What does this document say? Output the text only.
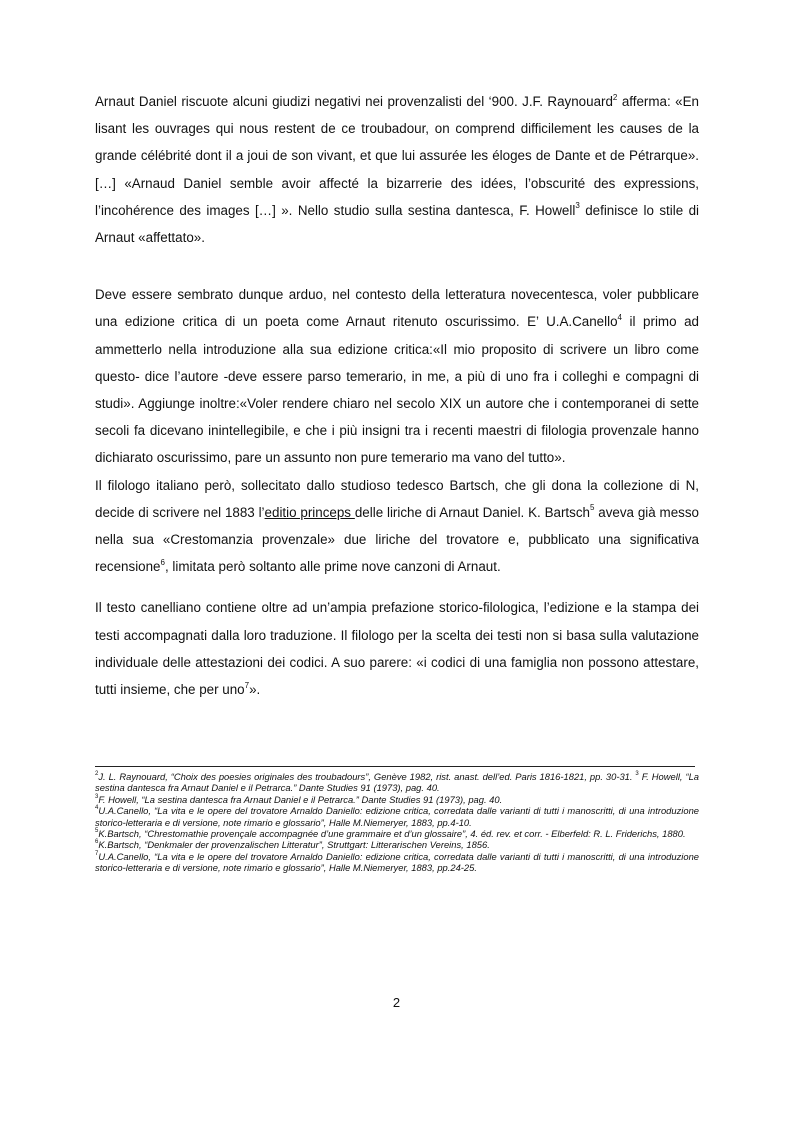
Arnaut Daniel riscuote alcuni giudizi negativi nei provenzalisti del ‘900. J.F. Raynouard$^2$ afferma: «En lisant les ouvrages qui nous restent de ce troubadour, on comprend difficilement les causes de la grande célébrité dont il a joui de son vivant, et que lui assurée les éloges de Dante et de Pétrarque». […] «Arnaud Daniel semble avoir affecté la bizarrerie des idées, l’obscurité des expressions, l’incohérence des images […] ». Nello studio sulla sestina dantesca, F. Howell$^3$ definisce lo stile di Arnaut «affettato».

Deve essere sembrato dunque arduo, nel contesto della letteratura novecentesca, voler pubblicare una edizione critica di un poeta come Arnaut ritenuto oscurissimo. E’ U.A.Canello$^4$ il primo ad ammetterlo nella introduzione alla sua edizione critica:«Il mio proposito di scrivere un libro come questo- dice l’autore -deve essere parso temerario, in me, a più di uno fra i colleghi e compagni di studi». Aggiunge inoltre:«Voler rendere chiaro nel secolo XIX un autore che i contemporanei di sette secoli fa dicevano inintellegibile, e che i più insigni tra i recenti maestri di filologia provenzale hanno dichiarato oscurissimo, pare un assunto non pure temerario ma vano del tutto».

Il filologo italiano però, sollecitato dallo studioso tedesco Bartsch, che gli dona la collezione di N, decide di scrivere nel 1883 l’editio princeps delle liriche di Arnaut Daniel. K. Bartsch$^5$ aveva già messo nella sua «Crestomanzia provenzale» due liriche del trovatore e, pubblicato una significativa recensione$^6$, limitata però soltanto alle prime nove canzoni di Arnaut.

Il testo canelliano contiene oltre ad un’ampia prefazione storico-filologica, l’edizione e la stampa dei testi accompagnati dalla loro traduzione. Il filologo per la scelta dei testi non si basa sulla valutazione individuale delle attestazioni dei codici. A suo parere: «i codici di una famiglia non possono attestare, tutti insieme, che per uno$^7$».

$^2$J. L. Raynouard, “Choix des poesies originales des troubadours”, Genève 1982, rist. anast. dell’ed. Paris 1816-1821, pp. 30-31. $^3$ F. Howell, “La sestina dantesca fra Arnaut Daniel e il Petrarca.” Dante Studies 91 (1973), pag. 40.

$^3$F. Howell, “La sestina dantesca fra Arnaut Daniel e il Petrarca.” Dante Studies 91 (1973), pag. 40.

$^4$U.A.Canello, “La vita e le opere del trovatore Arnaldo Daniello: edizione critica, corredata dalle varianti di tutti i manoscritti, di una introduzione storico-letteraria e di versione, note rimario e glossario”, Halle M.Niemeryer, 1883, pp.4-10.

$^5$K.Bartsch, “Chrestomathie provençale accompagnée d’une grammaire et d’un glossaire”, 4. éd. rev. et corr. - Elberfeld: R. L. Friderichs, 1880.

$^6$K.Bartsch, “Denkmaler der provenzalischen Litteratur”, Struttgart: Litterarischen Vereins, 1856.

$^7$U.A.Canello, “La vita e le opere del trovatore Arnaldo Daniello: edizione critica, corredata dalle varianti di tutti i manoscritti, di una introduzione storico-letteraria e di versione, note rimario e glossario”, Halle M.Niemeryer, 1883, pp.24-25.

2
